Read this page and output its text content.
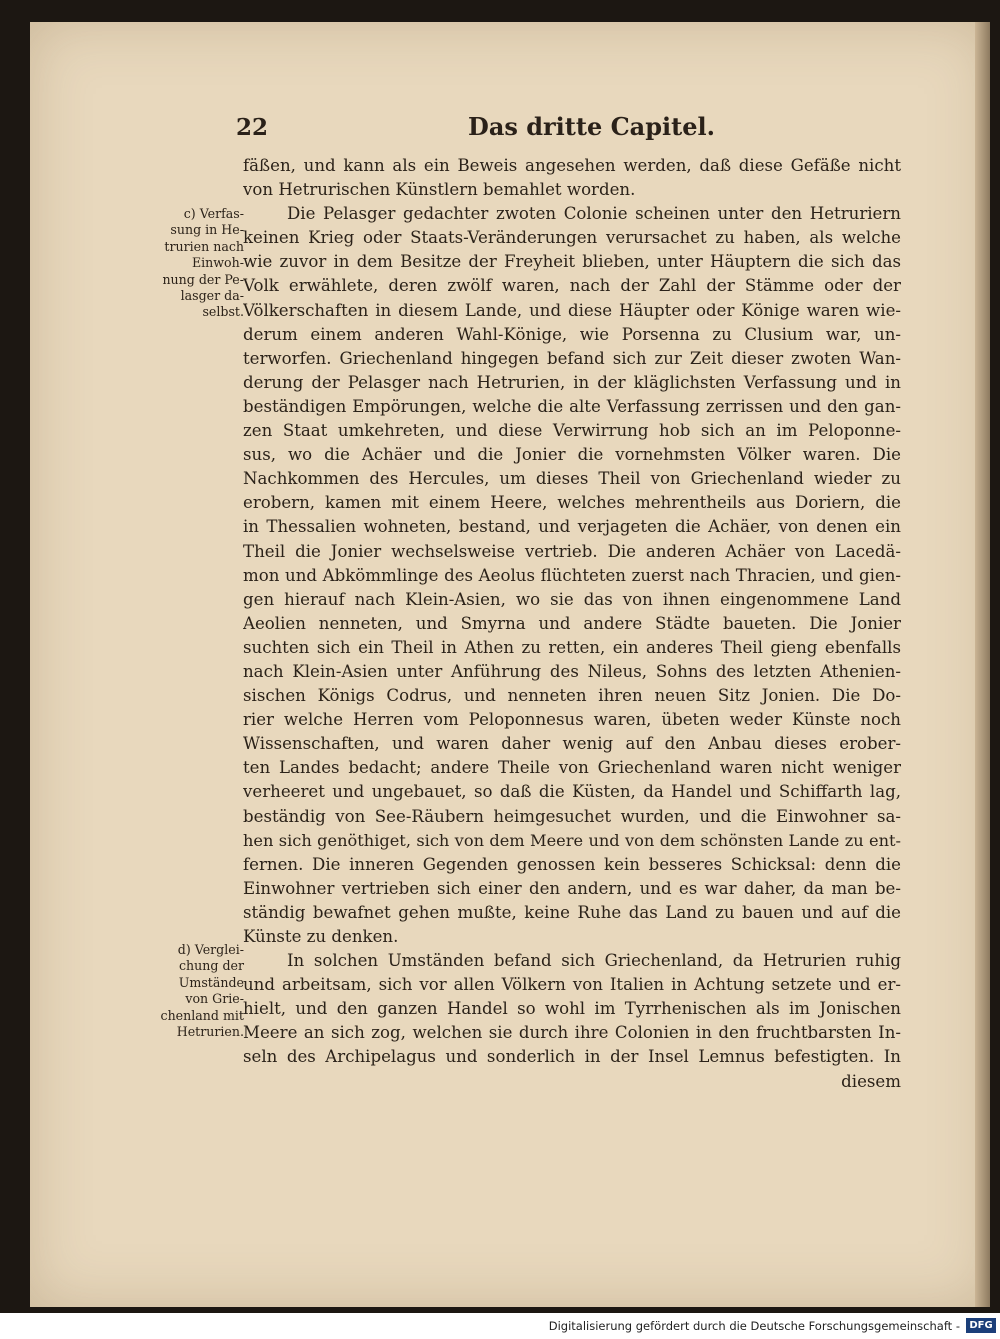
22	Das dritte Capitel.
c) Verfas-
sung in He-
trurien nach
Einwoh-
nung der Pe-
lasger da-
selbst.
d) Verglei-
chung der
Umstände
von Grie-
chenland mit
Hetrurien.
fäßen, und kann als ein Beweis angesehen werden, daß diese Gefäße nicht
von Hetrurischen Künstlern bemahlet worden.
Die Pelasger gedachter zwoten Colonie scheinen unter den Hetruriern
keinen Krieg oder Staats-Veränderungen verursachet zu haben, als welche
wie zuvor in dem Besitze der Freyheit blieben, unter Häuptern die sich das
Volk erwählete, deren zwölf waren, nach der Zahl der Stämme oder der
Völkerschaften in diesem Lande, und diese Häupter oder Könige waren wie-
derum einem anderen Wahl-Könige, wie Porsenna zu Clusium war, un-
terworfen. Griechenland hingegen befand sich zur Zeit dieser zwoten Wan-
derung der Pelasger nach Hetrurien, in der kläglichsten Verfassung und in
beständigen Empörungen, welche die alte Verfassung zerrissen und den gan-
zen Staat umkehreten, und diese Verwirrung hob sich an im Peloponne-
sus, wo die Achäer und die Jonier die vornehmsten Völker waren. Die
Nachkommen des Hercules, um dieses Theil von Griechenland wieder zu
erobern, kamen mit einem Heere, welches mehrentheils aus Doriern, die
in Thessalien wohneten, bestand, und verjageten die Achäer, von denen ein
Theil die Jonier wechselsweise vertrieb. Die anderen Achäer von Lacedä-
mon und Abkömmlinge des Aeolus flüchteten zuerst nach Thracien, und gien-
gen hierauf nach Klein-Asien, wo sie das von ihnen eingenommene Land
Aeolien nenneten, und Smyrna und andere Städte baueten. Die Jonier
suchten sich ein Theil in Athen zu retten, ein anderes Theil gieng ebenfalls
nach Klein-Asien unter Anführung des Nileus, Sohns des letzten Athenien-
sischen Königs Codrus, und nenneten ihren neuen Sitz Jonien. Die Do-
rier welche Herren vom Peloponnesus waren, übeten weder Künste noch
Wissenschaften, und waren daher wenig auf den Anbau dieses erober-
ten Landes bedacht; andere Theile von Griechenland waren nicht weniger
verheeret und ungebauet, so daß die Küsten, da Handel und Schiffarth lag,
beständig von See-Räubern heimgesuchet wurden, und die Einwohner sa-
hen sich genöthiget, sich von dem Meere und von dem schönsten Lande zu ent-
fernen. Die inneren Gegenden genossen kein besseres Schicksal: denn die
Einwohner vertrieben sich einer den andern, und es war daher, da man be-
ständig bewafnet gehen mußte, keine Ruhe das Land zu bauen und auf die
Künste zu denken.
In solchen Umständen befand sich Griechenland, da Hetrurien ruhig
und arbeitsam, sich vor allen Völkern von Italien in Achtung setzete und er-
hielt, und den ganzen Handel so wohl im Tyrrhenischen als im Jonischen
Meere an sich zog, welchen sie durch ihre Colonien in den fruchtbarsten In-
seln des Archipelagus und sonderlich in der Insel Lemnus befestigten. In
diesem
Digitalisierung gefördert durch die Deutsche Forschungsgemeinschaft - DFG
